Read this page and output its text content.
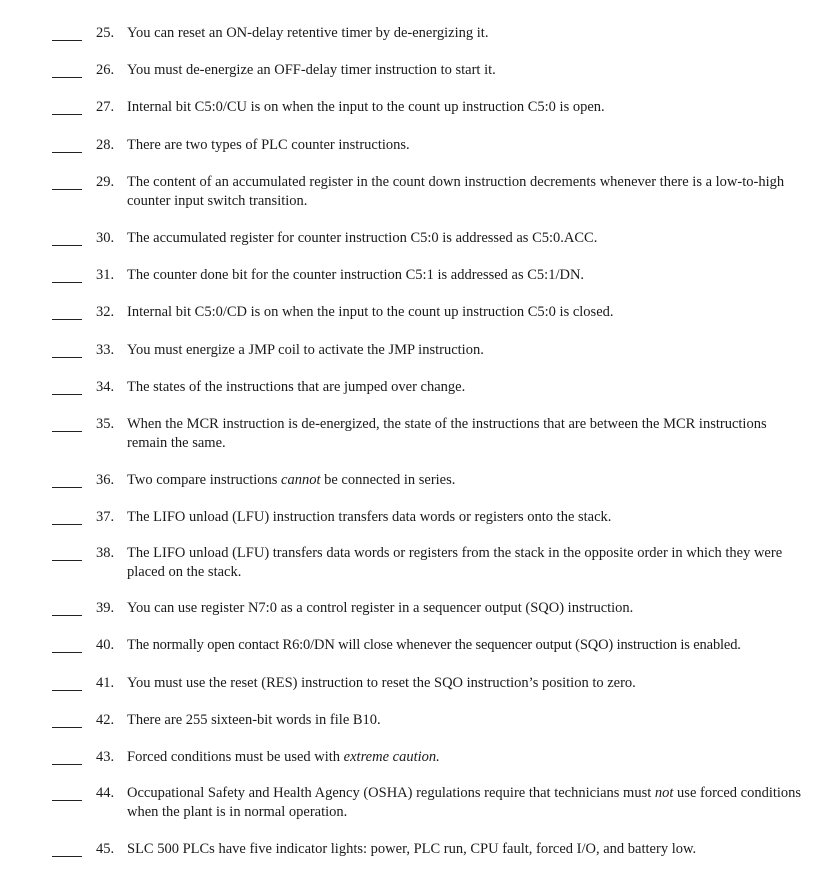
25. You can reset an ON-delay retentive timer by de-energizing it.
26. You must de-energize an OFF-delay timer instruction to start it.
27. Internal bit C5:0/CU is on when the input to the count up instruction C5:0 is open.
28. There are two types of PLC counter instructions.
29. The content of an accumulated register in the count down instruction decrements whenever there is a low-to-high counter input switch transition.
30. The accumulated register for counter instruction C5:0 is addressed as C5:0.ACC.
31. The counter done bit for the counter instruction C5:1 is addressed as C5:1/DN.
32. Internal bit C5:0/CD is on when the input to the count up instruction C5:0 is closed.
33. You must energize a JMP coil to activate the JMP instruction.
34. The states of the instructions that are jumped over change.
35. When the MCR instruction is de-energized, the state of the instructions that are between the MCR instructions remain the same.
36. Two compare instructions cannot be connected in series.
37. The LIFO unload (LFU) instruction transfers data words or registers onto the stack.
38. The LIFO unload (LFU) transfers data words or registers from the stack in the opposite order in which they were placed on the stack.
39. You can use register N7:0 as a control register in a sequencer output (SQO) instruction.
40. The normally open contact R6:0/DN will close whenever the sequencer output (SQO) instruction is enabled.
41. You must use the reset (RES) instruction to reset the SQO instruction’s position to zero.
42. There are 255 sixteen-bit words in file B10.
43. Forced conditions must be used with extreme caution.
44. Occupational Safety and Health Agency (OSHA) regulations require that technicians must not use forced conditions when the plant is in normal operation.
45. SLC 500 PLCs have five indicator lights: power, PLC run, CPU fault, forced I/O, and battery low.
